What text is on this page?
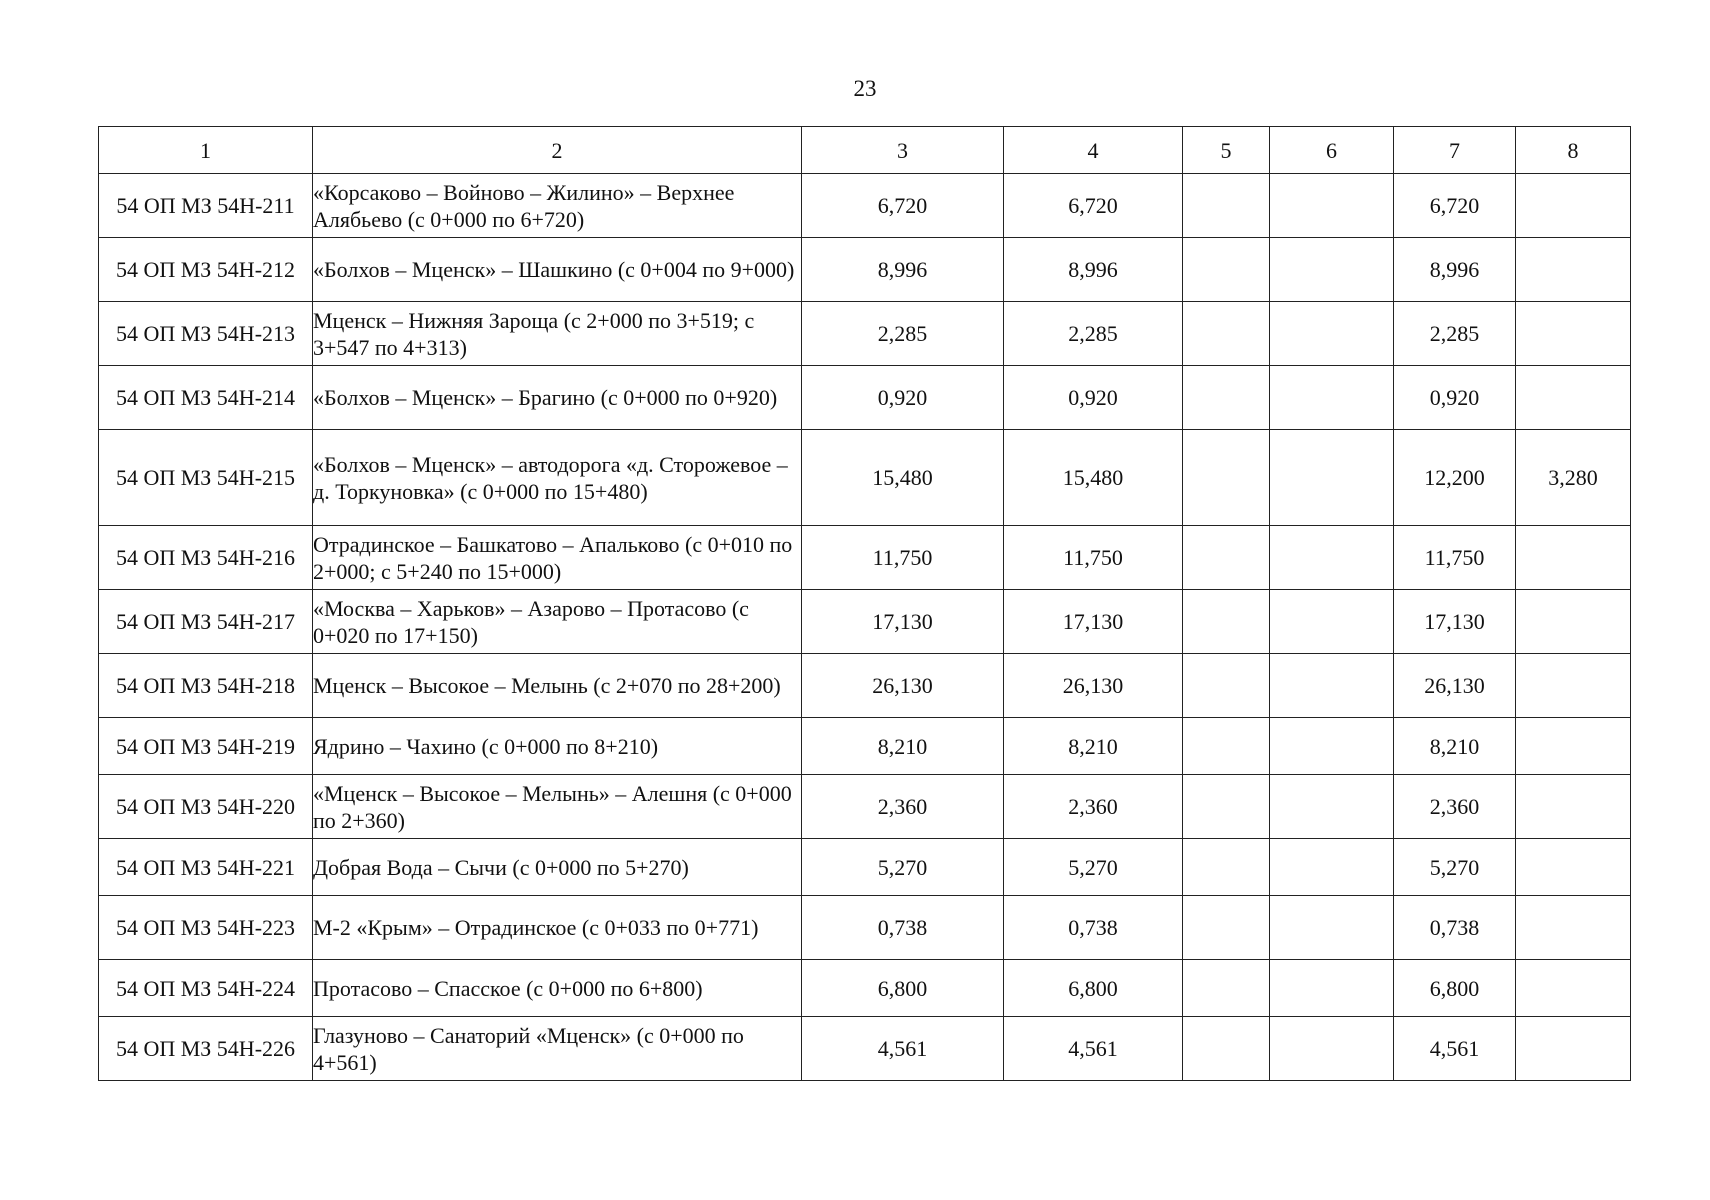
23
1	2	3	4	5	6	7	8
54 ОП МЗ 54Н-211	«Корсаково – Войново – Жилино» – Верхнее Алябьево (с 0+000 по 6+720)	6,720	6,720			6,720	
54 ОП МЗ 54Н-212	«Болхов – Мценск» – Шашкино (с 0+004 по 9+000)	8,996	8,996			8,996	
54 ОП МЗ 54Н-213	Мценск – Нижняя Зароща (с 2+000 по 3+519; с 3+547 по 4+313)	2,285	2,285			2,285	
54 ОП МЗ 54Н-214	«Болхов – Мценск» – Брагино (с 0+000 по 0+920)	0,920	0,920			0,920	
54 ОП МЗ 54Н-215	«Болхов – Мценск» – автодорога «д. Сторожевое – д. Торкуновка» (с 0+000 по 15+480)	15,480	15,480			12,200	3,280
54 ОП МЗ 54Н-216	Отрадинское – Башкатово – Апальково (с 0+010 по 2+000; с 5+240 по 15+000)	11,750	11,750			11,750	
54 ОП МЗ 54Н-217	«Москва – Харьков» – Азарово – Протасово (с 0+020 по 17+150)	17,130	17,130			17,130	
54 ОП МЗ 54Н-218	Мценск – Высокое – Мелынь (с 2+070 по 28+200)	26,130	26,130			26,130	
54 ОП МЗ 54Н-219	Ядрино – Чахино (с 0+000 по 8+210)	8,210	8,210			8,210	
54 ОП МЗ 54Н-220	«Мценск – Высокое – Мелынь» – Алешня (с 0+000 по 2+360)	2,360	2,360			2,360	
54 ОП МЗ 54Н-221	Добрая Вода – Сычи (с 0+000 по 5+270)	5,270	5,270			5,270	
54 ОП МЗ 54Н-223	М-2 «Крым» – Отрадинское (с 0+033 по 0+771)	0,738	0,738			0,738	
54 ОП МЗ 54Н-224	Протасово – Спасское (с 0+000 по 6+800)	6,800	6,800			6,800	
54 ОП МЗ 54Н-226	Глазуново – Санаторий «Мценск» (с 0+000 по 4+561)	4,561	4,561			4,561	
